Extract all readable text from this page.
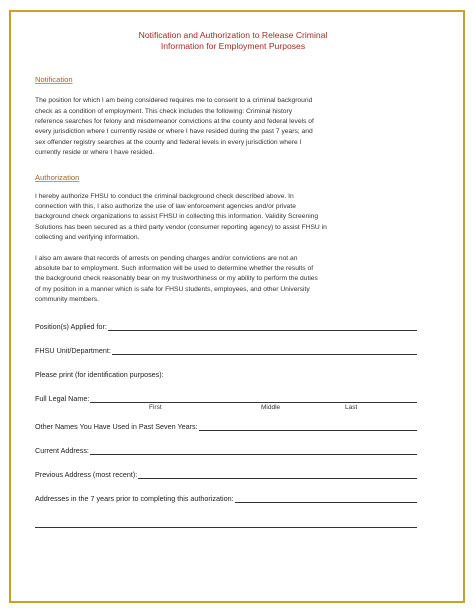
Notification and Authorization to Release Criminal
Information for Employment Purposes
Notification

The position for which I am being considered requires me to consent to a criminal background

check as a condition of employment. This check includes the following: Criminal history

reference searches for felony and misdemeanor convictions at the county and federal levels of

every jurisdiction where I currently reside or where I have resided during the past 7 years; and

sex offender registry searches at the county and federal levels in every jurisdiction where I

currently reside or where I have resided.

Authorization

I hereby authorize FHSU to conduct the criminal background check described above. In

connection with this, I also authorize the use of law enforcement agencies and/or private

background check organizations to assist FHSU in collecting this information. Validity Screening

Solutions has been secured as a third party vendor (consumer reporting agency) to assist FHSU in

collecting and verifying information.

I also am aware that records of arrests on pending charges and/or convictions are not an

absolute bar to employment. Such information will be used to determine whether the results of

the background check reasonably bear on my trustworthiness or my ability to perform the duties

of my position in a manner which is safe for FHSU students, employees, and other University

community members.

Position(s) Applied for:
FHSU Unit/Department:
Please print (for identification purposes):
Full Legal Name:
First	Middle	Last
Other Names You Have Used in Past Seven Years:
Current Address:
Previous Address (most recent):
Addresses in the 7 years prior to completing this authorization:
